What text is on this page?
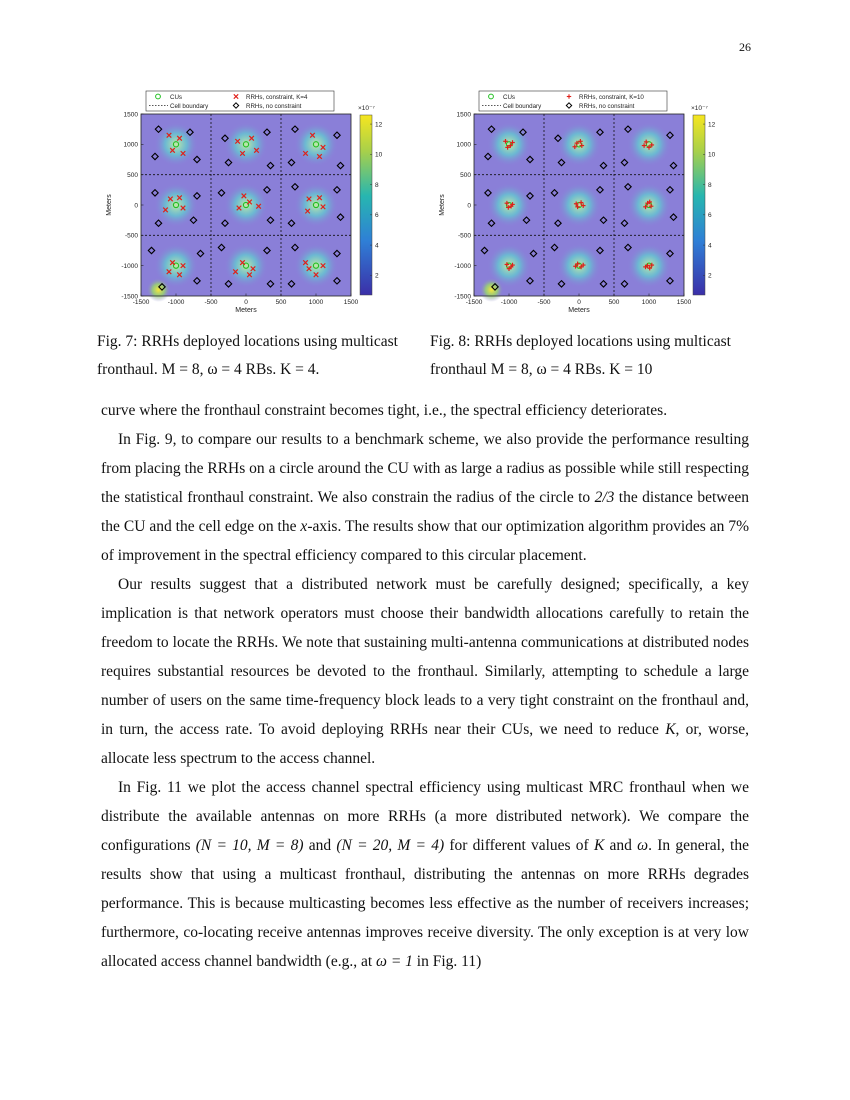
26
-1500	-1000	-500	0	500	1000	1500
1500
1000
500
0
-500
-1000
-1500
Meters
Meters
×10⁻⁷
12
10
8
6
4
2
CUs
Cell boundary
RRHs, constraint, K=4
RRHs, no constraint
Fig. 7: RRHs deployed locations using multicast fronthaul. M = 8, ω = 4 RBs. K = 4.
-1500	-1000	-500	0	500	1000	1500
1500
1000
500
0
-500
-1000
-1500
Meters
Meters
×10⁻⁷
12
10
8
6
4
2
CUs
Cell boundary
RRHs, constraint, K=10
RRHs, no constraint
Fig. 8: RRHs deployed locations using multicast fronthaul M = 8, ω = 4 RBs. K = 10

curve where the fronthaul constraint becomes tight, i.e., the spectral efficiency deteriorates.

In Fig. 9, to compare our results to a benchmark scheme, we also provide the performance resulting from placing the RRHs on a circle around the CU with as large a radius as possible while still respecting the statistical fronthaul constraint. We also constrain the radius of the circle to 2/3 the distance between the CU and the cell edge on the x-axis. The results show that our optimization algorithm provides an 7% of improvement in the spectral efficiency compared to this circular placement.

Our results suggest that a distributed network must be carefully designed; specifically, a key implication is that network operators must choose their bandwidth allocations carefully to retain the freedom to locate the RRHs. We note that sustaining multi-antenna communications at distributed nodes requires substantial resources be devoted to the fronthaul. Similarly, attempting to schedule a large number of users on the same time-frequency block leads to a very tight constraint on the fronthaul and, in turn, the access rate. To avoid deploying RRHs near their CUs, we need to reduce K, or, worse, allocate less spectrum to the access channel.

In Fig. 11 we plot the access channel spectral efficiency using multicast MRC fronthaul when we distribute the available antennas on more RRHs (a more distributed network). We compare the configurations (N = 10, M = 8) and (N = 20, M = 4) for different values of K and ω. In general, the results show that using a multicast fronthaul, distributing the antennas on more RRHs degrades performance. This is because multicasting becomes less effective as the number of receivers increases; furthermore, co-locating receive antennas improves receive diversity. The only exception is at very low allocated access channel bandwidth (e.g., at ω = 1 in Fig. 11)
